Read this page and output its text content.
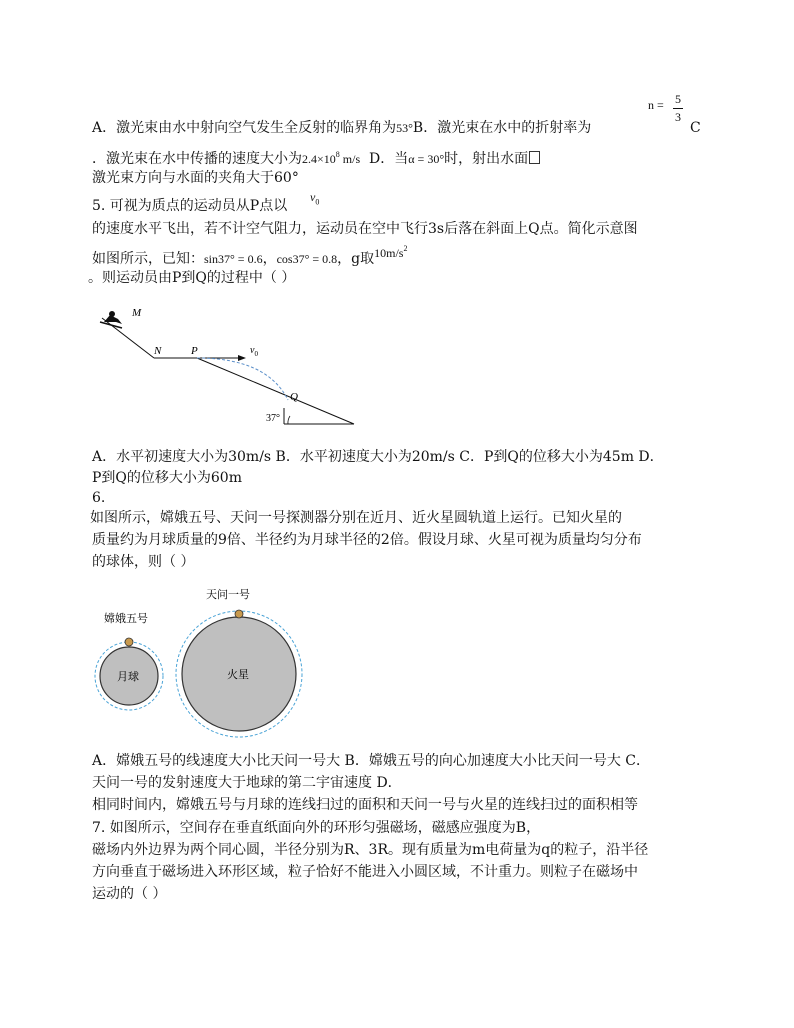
A．激光束由水中射向空气发生全反射的临界角为53°B．激光束在水中的折射率为
n = 5
3
C
．激光束在水中传播的速度大小为$2.4\times 10^8$ m/s D．当α = 30°时，射出水面
激光束方向与水面的夹角大于60°
5. 可视为质点的运动员从P点以
$v_0$
的速度水平飞出，若不计空气阻力，运动员在空中飞行3s后落在斜面上Q点。简化示意图
如图所示，已知：sin37° = 0.6，cos37° = 0.8，g取$10m/s^2$
。则运动员由P到Q的过程中（ ）
M
N	P	$v_0$
Q
37°
A．水平初速度大小为30m/s B．水平初速度大小为20m/s C．P到Q的位移大小为45m D．
P到Q的位移大小为60m
6.
如图所示，嫦娥五号、天问一号探测器分别在近月、近火星圆轨道上运行。已知火星的
质量约为月球质量的9倍、半径约为月球半径的2倍。假设月球、火星可视为质量均匀分布
的球体，则（ ）
嫦娥五号
月球
天问一号
火星
A．嫦娥五号的线速度大小比天问一号大 B．嫦娥五号的向心加速度大小比天问一号大 C．
天问一号的发射速度大于地球的第二宇宙速度 D．
相同时间内，嫦娥五号与月球的连线扫过的面积和天问一号与火星的连线扫过的面积相等
7. 如图所示，空间存在垂直纸面向外的环形匀强磁场，磁感应强度为B，
磁场内外边界为两个同心圆，半径分别为R、3R。现有质量为m电荷量为q的粒子，沿半径
方向垂直于磁场进入环形区域，粒子恰好不能进入小圆区域，不计重力。则粒子在磁场中
运动的（ ）
